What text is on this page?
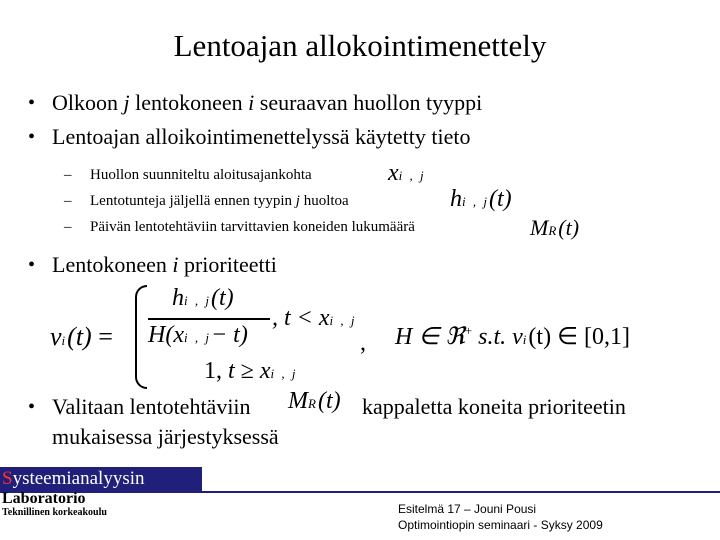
Lentoajan allokointimenettely
Olkoon j lentokoneen i seuraavan huollon tyyppi
•
Lentoajan alloikointimenettelyssä käytetty tieto
•
– Huollon suunniteltu aloitusajankohta	xi , j
– Lentotunteja jäljellä ennen tyypin j huoltoa	hi , j(t)
– Päivän lentotehtäviin tarvittavien koneiden lukumäärä	MR(t)
• Lentokoneen i prioriteetti
vi(t) =
hi , j(t)
H(xi , j− t)
, t < xi , j
,
1, t ≥ xi , j
H ∈ ℜ+ s.t. vi(t) ∈ [0,1]
• Valitaan lentotehtäviin MR(t) kappaletta koneita prioriteetin
mukaisessa järjestyksessä
Systeemianalyysin
Laboratorio
Teknillinen korkeakoulu	Esitelmä 17 – Jouni Pousi
Optimointiopin seminaari - Syksy 2009
